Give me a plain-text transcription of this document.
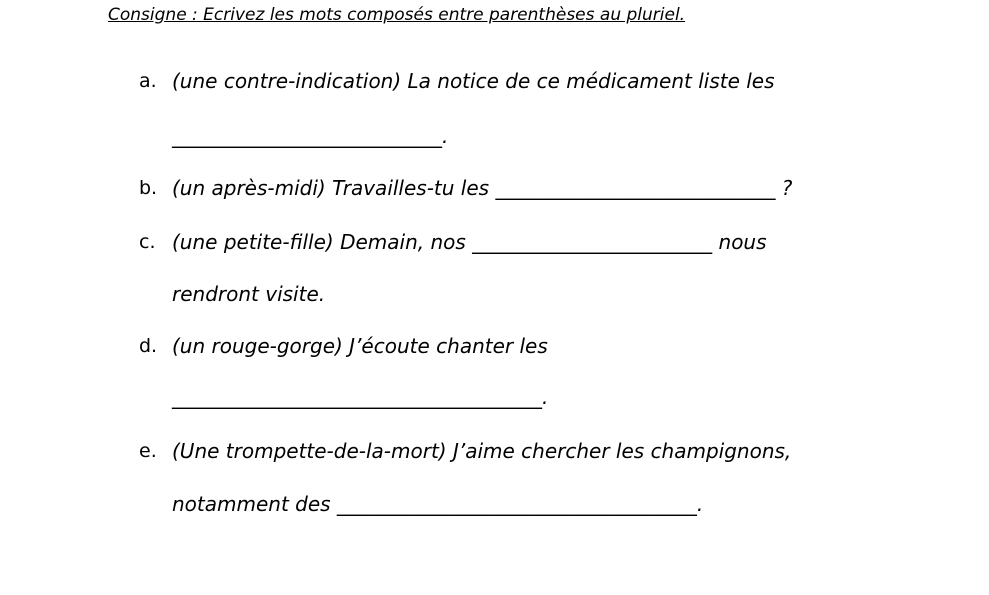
Consigne : Ecrivez les mots composés entre parenthèses au pluriel.
a. (une contre-indication) La notice de ce médicament liste les
___________________________.
b. (un après-midi) Travailles-tu les ____________________________ ?
c. (une petite-fille) Demain, nos ________________________ nous
rendront visite.
d. (un rouge-gorge) J’écoute chanter les
_____________________________________.
e. (Une trompette-de-la-mort) J’aime chercher les champignons,
notamment des ____________________________________.
